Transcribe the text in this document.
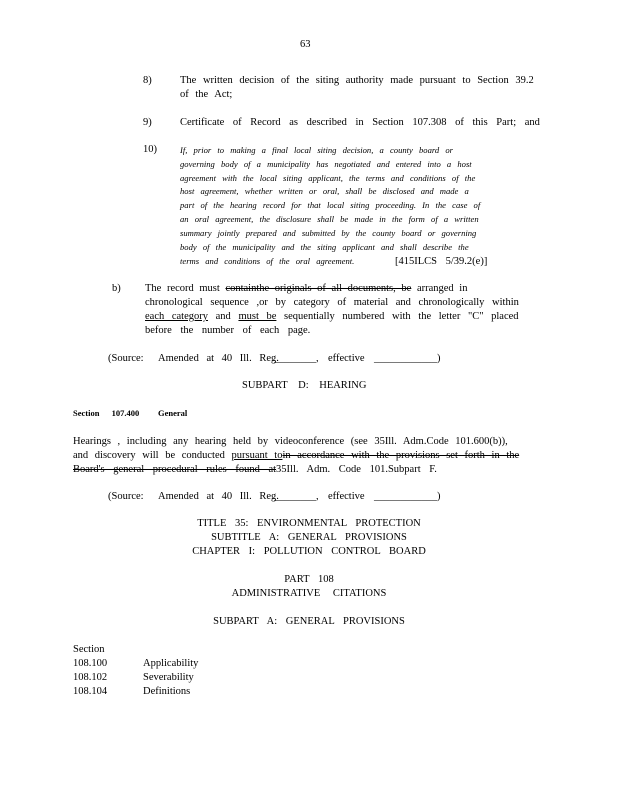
63
8)	The written decision of the siting authority made pursuant to Section 39.2
of the Act;
9)	Certificate of Record as described in Section 107.308 of this Part; and
10)	If, prior to making a final local siting decision, a county board or
governing body of a municipality has negotiated and entered into a host
agreement with the local siting applicant, the terms and conditions of the
host agreement, whether written or oral, shall be disclosed and made a
part of the hearing record for that local siting proceeding. In the case of
an oral agreement, the disclosure shall be made in the form of a written
summary jointly prepared and submitted by the county board or governing
body of the municipality and the siting applicant and shall describe the
terms and conditions of the oral agreement.	[415ILCS 5/39.2(e)]
b) The record must containthe originals of all documents, be arranged in
chronological sequence ,or by category of material and chronologically within
each category and must be sequentially numbered with the letter "C" placed
before the number of each page.
(Source: Amended at 40 Ill. Reg.
________, effective ____________)
SUBPART D: HEARING
Section 107.400 General
Hearings , including any hearing held by videoconference (see 35Ill. Adm.Code 101.600(b)),
and discovery will be conducted pursuant toin accordance with the provisions set forth in the
Board's general procedural rules found at35Ill. Adm. Code 101.Subpart F.
(Source: Amended at 40 Ill. Reg.
________, effective ____________)
TITLE 35: ENVIRONMENTAL PROTECTION
SUBTITLE A: GENERAL PROVISIONS
CHAPTER I: POLLUTION CONTROL BOARD
PART 108
ADMINISTRATIVE CITATIONS
SUBPART A: GENERAL PROVISIONS
Section
108.100	Applicability
108.102	Severability
108.104	Definitions
